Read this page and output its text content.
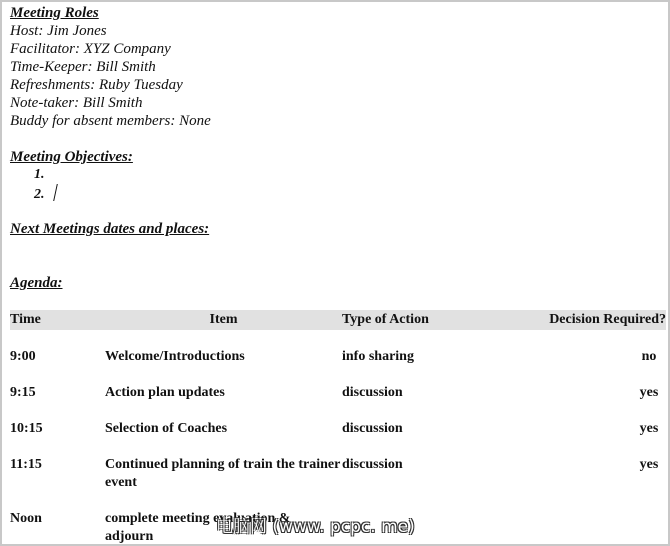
Meeting Roles
Host: Jim Jones
Facilitator: XYZ Company
Time-Keeper: Bill Smith
Refreshments: Ruby Tuesday
Note-taker: Bill Smith
Buddy for absent members: None
Meeting Objectives:
1.
2.
Next Meetings dates and places:
Agenda:
Time	Item	Type of Action	Decision Required?
9:00	Welcome/Introductions	info sharing	no
9:15	Action plan updates	discussion	yes
10:15	Selection of Coaches	discussion	yes
11:15	Continued planning of train the trainer event	discussion	yes
Noon	complete meeting evaluation & adjourn			电脑网 (www. pcpc. me)
